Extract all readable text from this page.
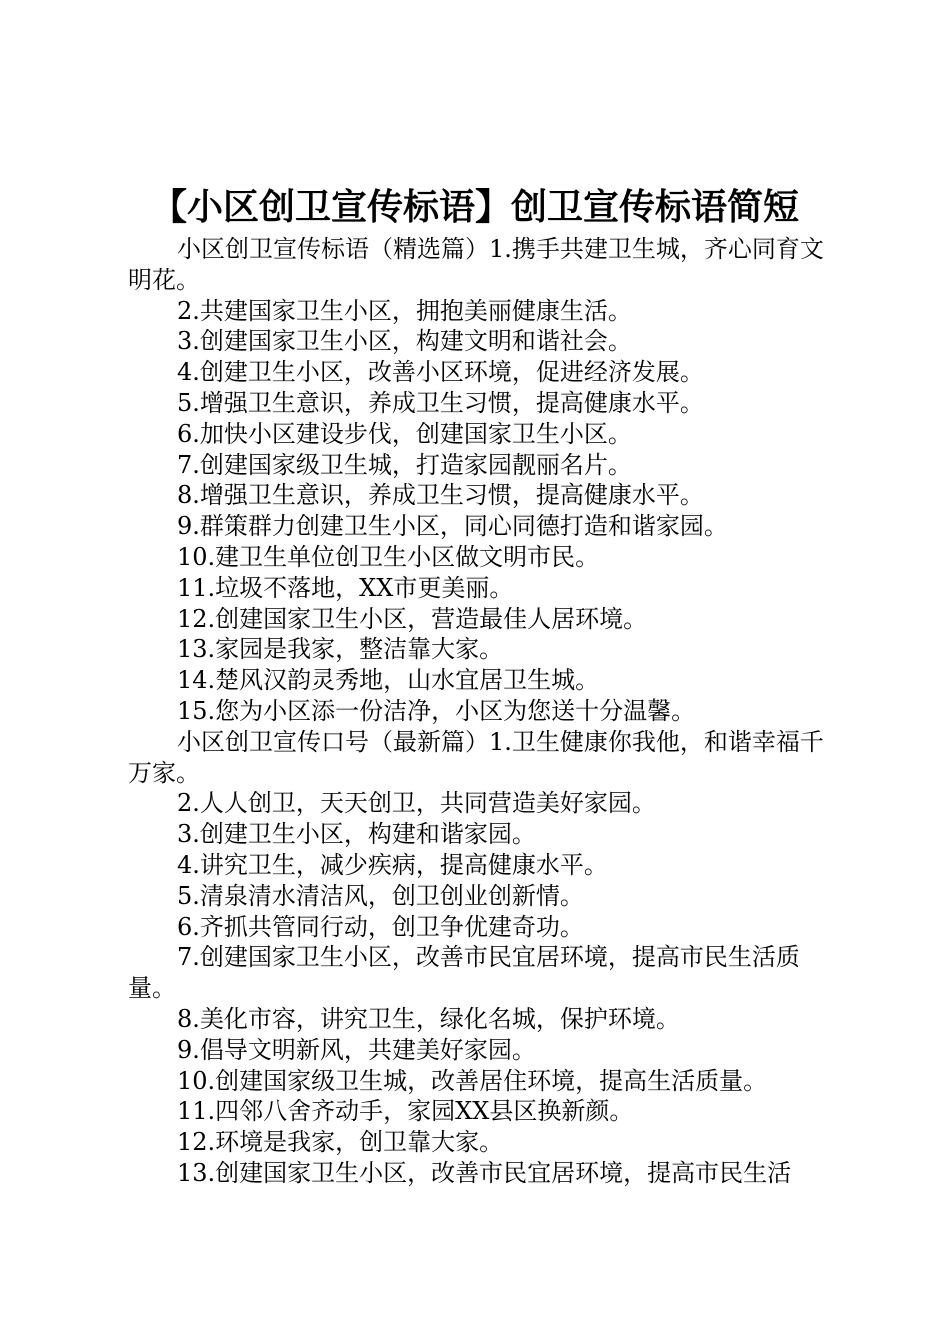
【小区创卫宣传标语】创卫宣传标语简短

小区创卫宣传标语（精选篇）1.携手共建卫生城，齐心同育文明花。

2.共建国家卫生小区，拥抱美丽健康生活。

3.创建国家卫生小区，构建文明和谐社会。

4.创建卫生小区，改善小区环境，促进经济发展。

5.增强卫生意识，养成卫生习惯，提高健康水平。

6.加快小区建设步伐，创建国家卫生小区。

7.创建国家级卫生城，打造家园靓丽名片。

8.增强卫生意识，养成卫生习惯，提高健康水平。

9.群策群力创建卫生小区，同心同德打造和谐家园。

10.建卫生单位创卫生小区做文明市民。

11.垃圾不落地，XX市更美丽。

12.创建国家卫生小区，营造最佳人居环境。

13.家园是我家，整洁靠大家。

14.楚风汉韵灵秀地，山水宜居卫生城。

15.您为小区添一份洁净，小区为您送十分温馨。

小区创卫宣传口号（最新篇）1.卫生健康你我他，和谐幸福千万家。

2.人人创卫，天天创卫，共同营造美好家园。

3.创建卫生小区，构建和谐家园。

4.讲究卫生，减少疾病，提高健康水平。

5.清泉清水清洁风，创卫创业创新情。

6.齐抓共管同行动，创卫争优建奇功。

7.创建国家卫生小区，改善市民宜居环境，提高市民生活质量。

8.美化市容，讲究卫生，绿化名城，保护环境。

9.倡导文明新风，共建美好家园。

10.创建国家级卫生城，改善居住环境，提高生活质量。

11.四邻八舍齐动手，家园XX县区换新颜。

12.环境是我家，创卫靠大家。

13.创建国家卫生小区，改善市民宜居环境，提高市民生活
